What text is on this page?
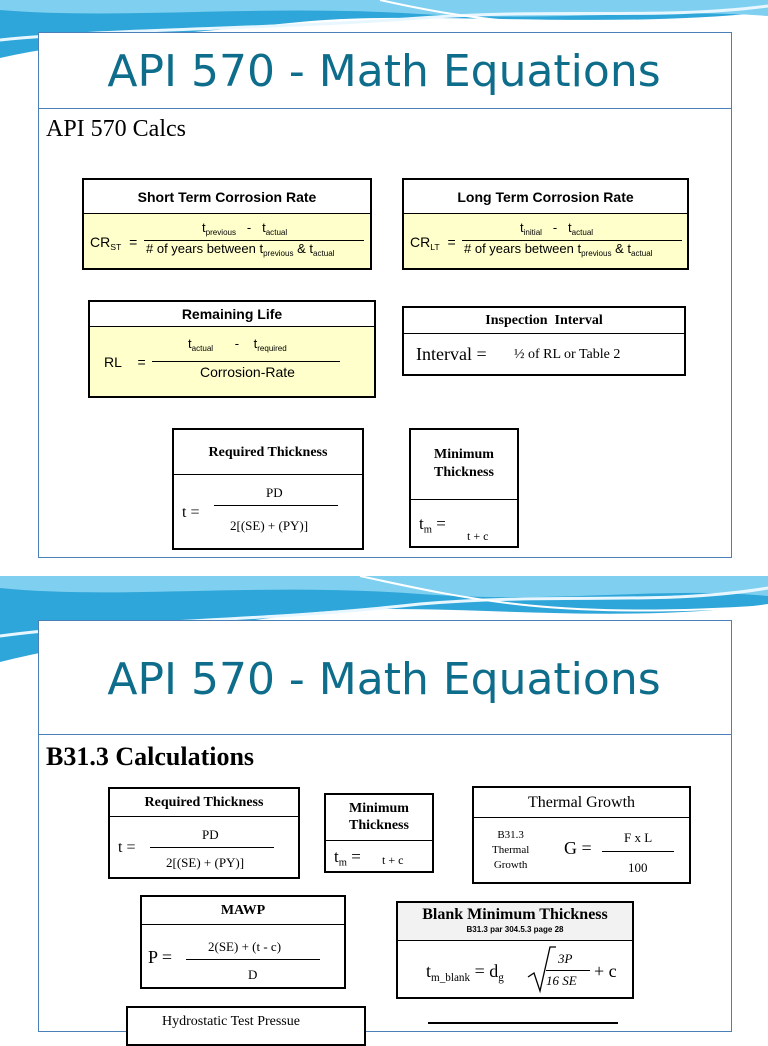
API 570 - Math Equations
API 570 Calcs
Short Term Corrosion Rate
$CR_{ST}$ =
$t_{previous} - t_{actual}$
# of years between $t_{previous}$ & $t_{actual}$
Long Term Corrosion Rate
$CR_{LT}$ =
$t_{initial} - t_{actual}$
# of years between $t_{previous}$ & $t_{actual}$
Remaining Life
RL =
$t_{actual} - t_{required}$
Corrosion-Rate
Inspection  Interval
Interval = ½ of RL or Table 2
Required Thickness
t =
PD
2[(SE) + (PY)]
Minimum
Thickness
$t_m$ =
t + c
API 570 - Math Equations
B31.3 Calculations
Required Thickness
t =
PD
2[(SE) + (PY)]
Minimum
Thickness
$t_m = t + c$
Thermal Growth
B31.3
Thermal
Growth
G =
F x L
100
MAWP
P =
2(SE) + (t - c)
D
Blank Minimum Thickness
B31.3 par 304.5.3 page 28
$t_{m\_blank} = d_g$
3P
16 SE + c
Hydrostatic Test Pressue
